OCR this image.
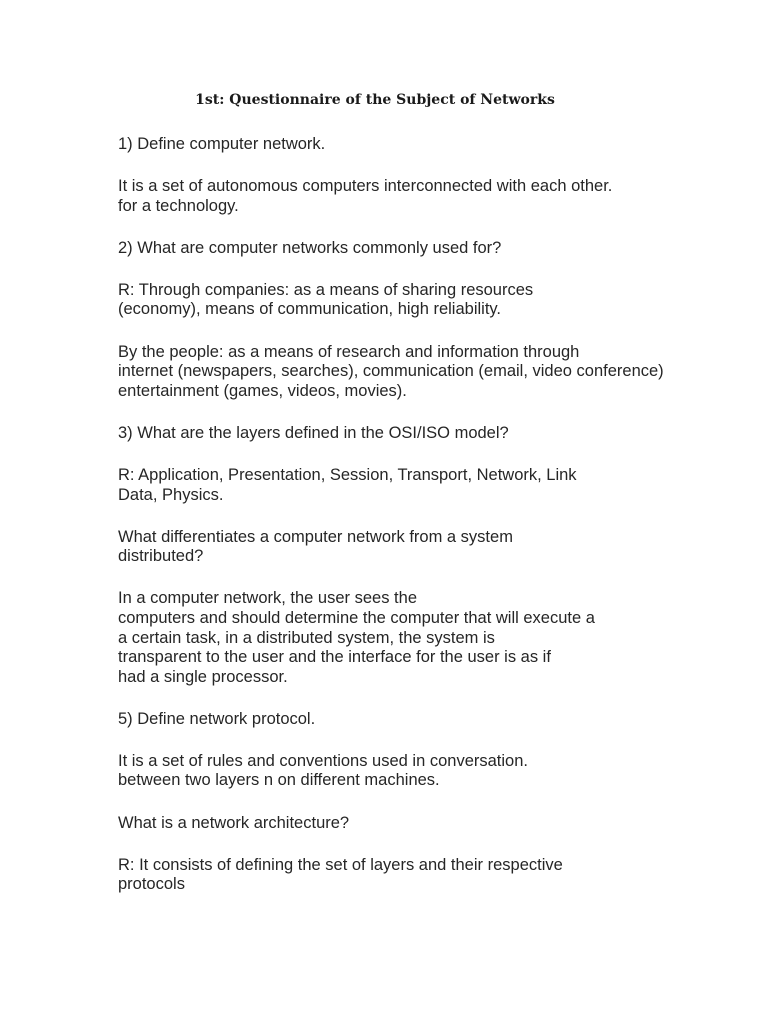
1st: Questionnaire of the Subject of Networks
1) Define computer network.
It is a set of autonomous computers interconnected with each other.
for a technology.
2) What are computer networks commonly used for?
R: Through companies: as a means of sharing resources
(economy), means of communication, high reliability.
By the people: as a means of research and information through
internet (newspapers, searches), communication (email, video conference)
entertainment (games, videos, movies).
3) What are the layers defined in the OSI/ISO model?
R: Application, Presentation, Session, Transport, Network, Link
Data, Physics.
What differentiates a computer network from a system
distributed?
In a computer network, the user sees the
computers and should determine the computer that will execute a
a certain task, in a distributed system, the system is
transparent to the user and the interface for the user is as if
had a single processor.
5) Define network protocol.
It is a set of rules and conventions used in conversation.
between two layers n on different machines.
What is a network architecture?
R: It consists of defining the set of layers and their respective
protocols
